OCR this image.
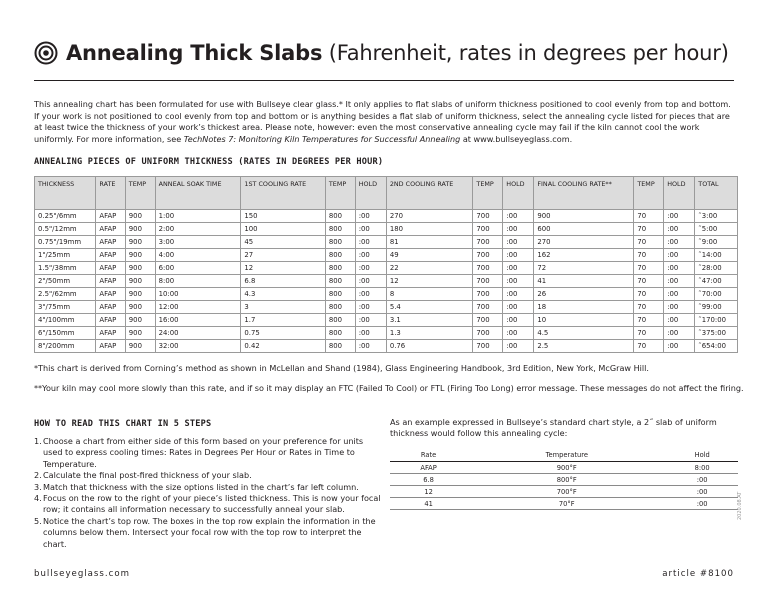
Annealing Thick Slabs (Fahrenheit, rates in degrees per hour)
This annealing chart has been formulated for use with Bullseye clear glass.* It only applies to flat slabs of uniform thickness positioned to cool evenly from top and bottom. If your work is not positioned to cool evenly from top and bottom or is anything besides a flat slab of uniform thickness, select the annealing cycle listed for pieces that are at least twice the thickness of your work’s thickest area. Please note, however: even the most conservative annealing cycle may fail if the kiln cannot cool the work uniformly. For more information, see TechNotes 7: Monitoring Kiln Temperatures for Successful Annealing at www.bullseyeglass.com.
ANNEALING PIECES OF UNIFORM THICKNESS (RATES IN DEGREES PER HOUR)
THICKNESS	RATE	TEMP	ANNEAL SOAK TIME	1ST COOLING RATE	TEMP	HOLD	2ND COOLING RATE	TEMP	HOLD	FINAL COOLING RATE**	TEMP	HOLD	TOTAL
0.25"/6mm	AFAP	900	1:00	150	800	:00	270	700	:00	900	70	:00	˜3:00
0.5"/12mm	AFAP	900	2:00	100	800	:00	180	700	:00	600	70	:00	˜5:00
0.75"/19mm	AFAP	900	3:00	45	800	:00	81	700	:00	270	70	:00	˜9:00
1"/25mm	AFAP	900	4:00	27	800	:00	49	700	:00	162	70	:00	˜14:00
1.5"/38mm	AFAP	900	6:00	12	800	:00	22	700	:00	72	70	:00	˜28:00
2"/50mm	AFAP	900	8:00	6.8	800	:00	12	700	:00	41	70	:00	˜47:00
2.5"/62mm	AFAP	900	10:00	4.3	800	:00	8	700	:00	26	70	:00	˜70:00
3"/75mm	AFAP	900	12:00	3	800	:00	5.4	700	:00	18	70	:00	˜99:00
4"/100mm	AFAP	900	16:00	1.7	800	:00	3.1	700	:00	10	70	:00	˜170:00
6"/150mm	AFAP	900	24:00	0.75	800	:00	1.3	700	:00	4.5	70	:00	˜375:00
8"/200mm	AFAP	900	32:00	0.42	800	:00	0.76	700	:00	2.5	70	:00	˜654:00
*This chart is derived from Corning’s method as shown in McLellan and Shand (1984), Glass Engineering Handbook, 3rd Edition, New York, McGraw Hill.
**Your kiln may cool more slowly than this rate, and if so it may display an FTC (Failed To Cool) or FTL (Firing Too Long) error message. These messages do not affect the firing.
HOW TO READ THIS CHART IN 5 STEPS
1. Choose a chart from either side of this form based on your preference for units used to express cooling times: Rates in Degrees Per Hour or Rates in Time to Temperature.
2. Calculate the final post-fired thickness of your slab.
3. Match that thickness with the size options listed in the chart’s far left column.
4. Focus on the row to the right of your piece’s listed thickness. This is now your focal row; it contains all information necessary to successfully anneal your slab.
5. Notice the chart’s top row. The boxes in the top row explain the information in the columns below them. Intersect your focal row with the top row to interpret the chart.
As an example expressed in Bullseye’s standard chart style, a 2˝ slab of uniform thickness would follow this annealing cycle:
Rate	Temperature	Hold
AFAP	900°F	8:00
6.8	800°F	:00
12	700°F	:00
41	70°F	:00	2020.08.AT
bullseyeglass.com	article #8100
